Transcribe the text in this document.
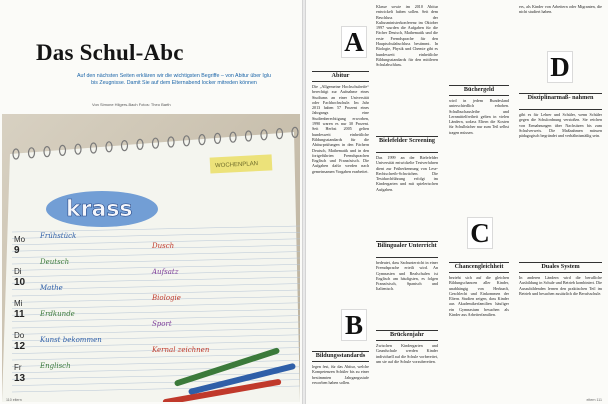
Das Schul-Abc
Auf den nächsten Seiten erklären wir die wichtigsten Begriffe – von Abitur über Iglu bis Zeugnisse. Damit Sie auf dem Elternabend locker mitreden können
Von Simone Hilgers-Bach Fotos: Theo Barth
WOCHENPLAN
Mo
Di
Mi
Do
Fr
9
10
11
12
13
krass
Frühstück
Dusch
Deutsch
Aufsatz
Mathe
Biologie
Erdkunde
Sport
Kunst bekommen
Kernal zeichnen
Englisch
110 eltern
A
Abitur
Die „Allgemeine Hochschulreife“ berechtigt zur Aufnahme eines Studiums an einer Universität oder Fachhochschule. Im Jahr 2013 haben 57 Prozent eines Jahrgangs eine Studienberechtigung erworben, 1990 waren es nur 30 Prozent. Seit Herbst 2005 gelten bundesweit einheitliche Bildungsstandards für die Abiturprüfungen in den Fächern Deutsch, Mathematik und in den fortgeführten Fremdsprachen Englisch und Französisch. Die Aufgaben dafür werden nach gemeinsamen Vorgaben erarbeitet.
B
Bildungsstandards
legen fest, für das Abitur, welche Kompetenzen Schüler bis zu einer bestimmten Jahrgangsstufe erworben haben sollen.
Klasse sowie im 2010 Abitur entwickelt haben sollen. Seit dem Beschluss der Kultusministerkonferenz im Oktober 1997 wurden die Aufgaben für die Fächer Deutsch, Mathematik und die erste Fremdsprache für den Hauptschulabschluss bestimmt. In Biologie, Physik und Chemie gibt es bundesweit einheitliche Bildungsstandards für den mittleren Schulabschluss.
Bielefelder Screening
Das 1999 an der Bielefelder Universität entwickelte Testverfahren dient zur Früherkennung von Lese-Rechtschreib-Schwächen. Die Testdurchführung erfolgt im Kindergarten und mit spielerischen Aufgaben.
Bilingualer Unterricht
bedeutet, dass Sachunterricht in einer Fremdsprache erteilt wird. An Gymnasien und Realschulen ist Englisch am häufigsten, es folgen Französisch, Spanisch und Italienisch.
Brückenjahr
Zwischen Kindergarten und Grundschule werden Kinder individuell auf die Schule vorbereitet, um sie auf die Schule vorzubereiten.
Büchergeld
wird in jedem Bundesland unterschiedlich erhoben. Schulbuchausleihe und Lernmittelfreiheit gelten in vielen Ländern, sodass Eltern die Kosten für Schulbücher nur zum Teil selbst tragen müssen.
C
Chancengleichheit
bezieht sich auf die gleichen Bildungschancen aller Kinder, unabhängig von Herkunft, Geschlecht und Einkommen der Eltern. Studien zeigen, dass Kinder aus Akademikerfamilien häufiger ein Gymnasium besuchen als Kinder aus Arbeiterfamilien.
ers, als Kinder von Arbeitern oder Migranten, die nicht studiert haben.
D
Disziplinarmaß- nahmen
gibt es für Lehrer und Schüler, wenn Schüler gegen die Schulordnung verstoßen. Sie reichen von Ermahnungen über Nachsitzen bis zum Schulverweis. Die Maßnahmen müssen pädagogisch begründet und verhältnismäßig sein.
Duales System
In anderen Ländern wird die berufliche Ausbildung in Schule und Betrieb kombiniert. Die Auszubildenden lernen den praktischen Teil im Betrieb und besuchen zusätzlich die Berufsschule.
eltern 111
